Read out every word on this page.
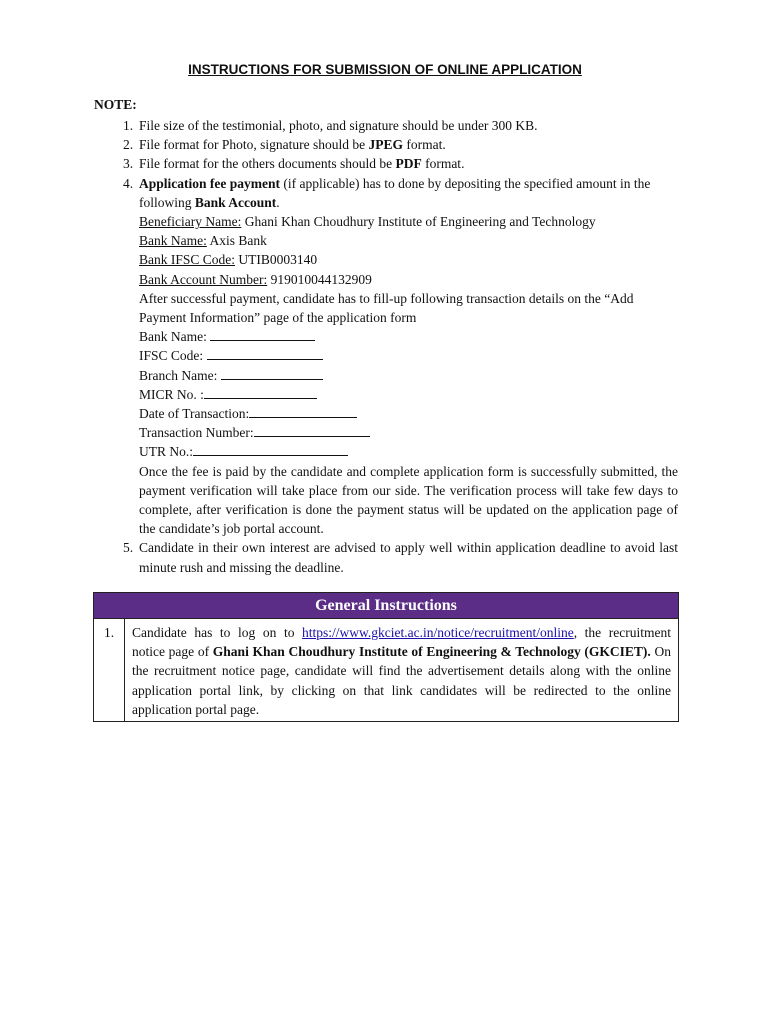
INSTRUCTIONS FOR SUBMISSION OF ONLINE APPLICATION
NOTE:
1. File size of the testimonial, photo, and signature should be under 300 KB.
2. File format for Photo, signature should be JPEG format.
3. File format for the others documents should be PDF format.
4. Application fee payment (if applicable) has to done by depositing the specified amount in the following Bank Account.
Beneficiary Name: Ghani Khan Choudhury Institute of Engineering and Technology
Bank Name: Axis Bank
Bank IFSC Code: UTIB0003140
Bank Account Number: 919010044132909
After successful payment, candidate has to fill-up following transaction details on the “Add Payment Information” page of the application form
Bank Name:
IFSC Code:
Branch Name:
MICR No. :
Date of Transaction:
Transaction Number:
UTR No.:
Once the fee is paid by the candidate and complete application form is successfully submitted, the payment verification will take place from our side. The verification process will take few days to complete, after verification is done the payment status will be updated on the application page of the candidate’s job portal account.
5. Candidate in their own interest are advised to apply well within application deadline to avoid last minute rush and missing the deadline.
General Instructions
1.	Candidate has to log on to https://www.gkciet.ac.in/notice/recruitment/online, the recruitment notice page of Ghani Khan Choudhury Institute of Engineering & Technology (GKCIET). On the recruitment notice page, candidate will find the advertisement details along with the online application portal link, by clicking on that link candidates will be redirected to the online application portal page.
